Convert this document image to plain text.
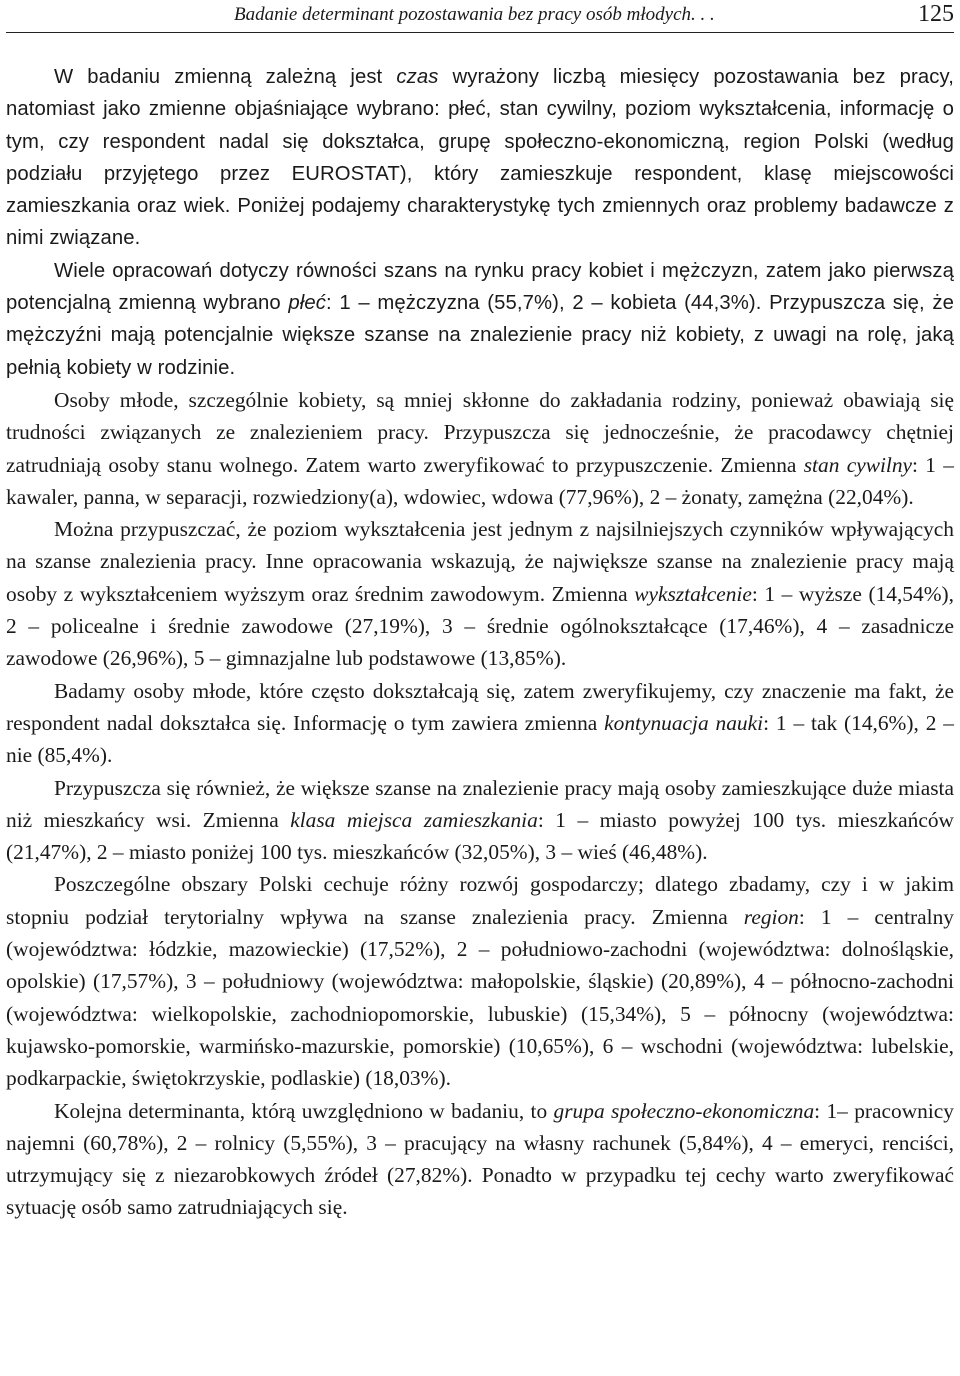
Badanie determinant pozostawania bez pracy osób młodych. . .	125

W badaniu zmienną zależną jest czas wyrażony liczbą miesięcy pozostawania bez pracy, natomiast jako zmienne objaśniające wybrano: płeć, stan cywilny, poziom wykształcenia, informację o tym, czy respondent nadal się dokształca, grupę społeczno-ekonomiczną, region Polski (według podziału przyjętego przez EUROSTAT), który zamieszkuje respondent, klasę miejscowości zamieszkania oraz wiek. Poniżej podajemy charakterystykę tych zmiennych oraz problemy badawcze z nimi związane.

Wiele opracowań dotyczy równości szans na rynku pracy kobiet i mężczyzn, zatem jako pierwszą potencjalną zmienną wybrano płeć: 1 – mężczyzna (55,7%), 2 – kobieta (44,3%). Przypuszcza się, że mężczyźni mają potencjalnie większe szanse na znalezienie pracy niż kobiety, z uwagi na rolę, jaką pełnią kobiety w rodzinie.

Osoby młode, szczególnie kobiety, są mniej skłonne do zakładania rodziny, ponieważ obawiają się trudności związanych ze znalezieniem pracy. Przypuszcza się jednocześnie, że pracodawcy chętniej zatrudniają osoby stanu wolnego. Zatem warto zweryfikować to przypuszczenie. Zmienna stan cywilny: 1 – kawaler, panna, w separacji, rozwiedziony(a), wdowiec, wdowa (77,96%), 2 – żonaty, zamężna (22,04%).

Można przypuszczać, że poziom wykształcenia jest jednym z najsilniejszych czynników wpływających na szanse znalezienia pracy. Inne opracowania wskazują, że największe szanse na znalezienie pracy mają osoby z wykształceniem wyższym oraz średnim zawodowym. Zmienna wykształcenie: 1 – wyższe (14,54%), 2 – policealne i średnie zawodowe (27,19%), 3 – średnie ogólnokształcące (17,46%), 4 – zasadnicze zawodowe (26,96%), 5 – gimnazjalne lub podstawowe (13,85%).

Badamy osoby młode, które często dokształcają się, zatem zweryfikujemy, czy znaczenie ma fakt, że respondent nadal dokształca się. Informację o tym zawiera zmienna kontynuacja nauki: 1 – tak (14,6%), 2 – nie (85,4%).

Przypuszcza się również, że większe szanse na znalezienie pracy mają osoby zamieszkujące duże miasta niż mieszkańcy wsi. Zmienna klasa miejsca zamieszkania: 1 – miasto powyżej 100 tys. mieszkańców (21,47%), 2 – miasto poniżej 100 tys. mieszkańców (32,05%), 3 – wieś (46,48%).

Poszczególne obszary Polski cechuje różny rozwój gospodarczy; dlatego zbadamy, czy i w jakim stopniu podział terytorialny wpływa na szanse znalezienia pracy. Zmienna region: 1 – centralny (województwa: łódzkie, mazowieckie) (17,52%), 2 – południowo-zachodni (województwa: dolnośląskie, opolskie) (17,57%), 3 – południowy (województwa: małopolskie, śląskie) (20,89%), 4 – północno-zachodni (województwa: wielkopolskie, zachodniopomorskie, lubuskie) (15,34%), 5 – północny (województwa: kujawsko-pomorskie, warmińsko-mazurskie, pomorskie) (10,65%), 6 – wschodni (województwa: lubelskie, podkarpackie, świętokrzyskie, podlaskie) (18,03%).

Kolejna determinanta, którą uwzględniono w badaniu, to grupa społeczno-ekonomiczna: 1– pracownicy najemni (60,78%), 2 – rolnicy (5,55%), 3 – pracujący na własny rachunek (5,84%), 4 – emeryci, renciści, utrzymujący się z niezarobkowych źródeł (27,82%). Ponadto w przypadku tej cechy warto zweryfikować sytuację osób samo zatrudniających się.
